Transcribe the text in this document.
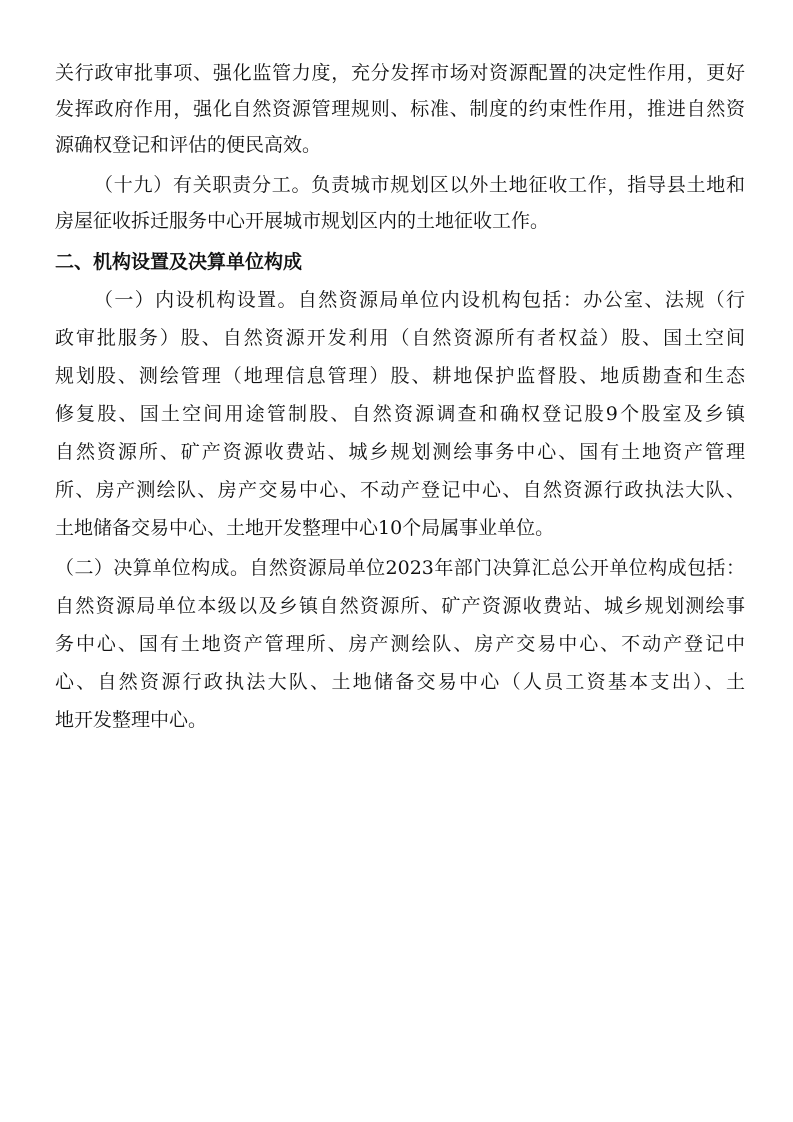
关行政审批事项、强化监管力度，充分发挥市场对资源配置的决定性作用，更好
发挥政府作用，强化自然资源管理规则、标准、制度的约束性作用，推进自然资
源确权登记和评估的便民高效。
（十九）有关职责分工。负责城市规划区以外土地征收工作，指导县土地和
房屋征收拆迁服务中心开展城市规划区内的土地征收工作。
二、机构设置及决算单位构成
（一）内设机构设置。自然资源局单位内设机构包括：办公室、法规（行
政审批服务）股、自然资源开发利用（自然资源所有者权益）股、国土空间
规划股、测绘管理（地理信息管理）股、耕地保护监督股、地质勘查和生态
修复股、国土空间用途管制股、自然资源调查和确权登记股9个股室及乡镇
自然资源所、矿产资源收费站、城乡规划测绘事务中心、国有土地资产管理
所、房产测绘队、房产交易中心、不动产登记中心、自然资源行政执法大队、
土地储备交易中心、土地开发整理中心10个局属事业单位。
（二）决算单位构成。自然资源局单位2023年部门决算汇总公开单位构成包括：
自然资源局单位本级以及乡镇自然资源所、矿产资源收费站、城乡规划测绘事
务中心、国有土地资产管理所、房产测绘队、房产交易中心、不动产登记中
心、自然资源行政执法大队、土地储备交易中心（人员工资基本支出）、土
地开发整理中心。
